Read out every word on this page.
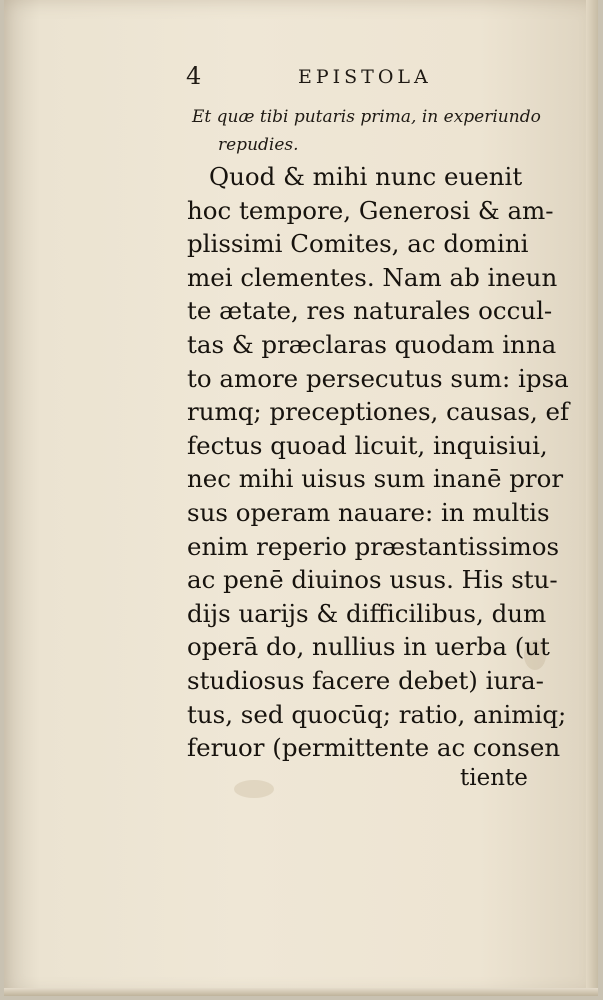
4	EPISTOLA
Et quæ tibi putaris prima, in experiundo
repudies.
Quod & mihi nunc euenit
hoc tempore, Generosi & am-
plissimi Comites, ac domini
mei clementes. Nam ab ineun
te ætate, res naturales occul-
tas & præclaras quodam inna
to amore persecutus sum: ipsa
rumq; preceptiones, causas, ef
fectus quoad licuit, inquisiui,
nec mihi uisus sum inanē pror
sus operam nauare: in multis
enim reperio præstantissimos
ac penē diuinos usus. His stu-
dijs uarijs & difficilibus, dum
operā do, nullius in uerba (ut
studiosus facere debet) iura-
tus, sed quocūq; ratio, animiq;
feruor (permittente ac consen
tiente
